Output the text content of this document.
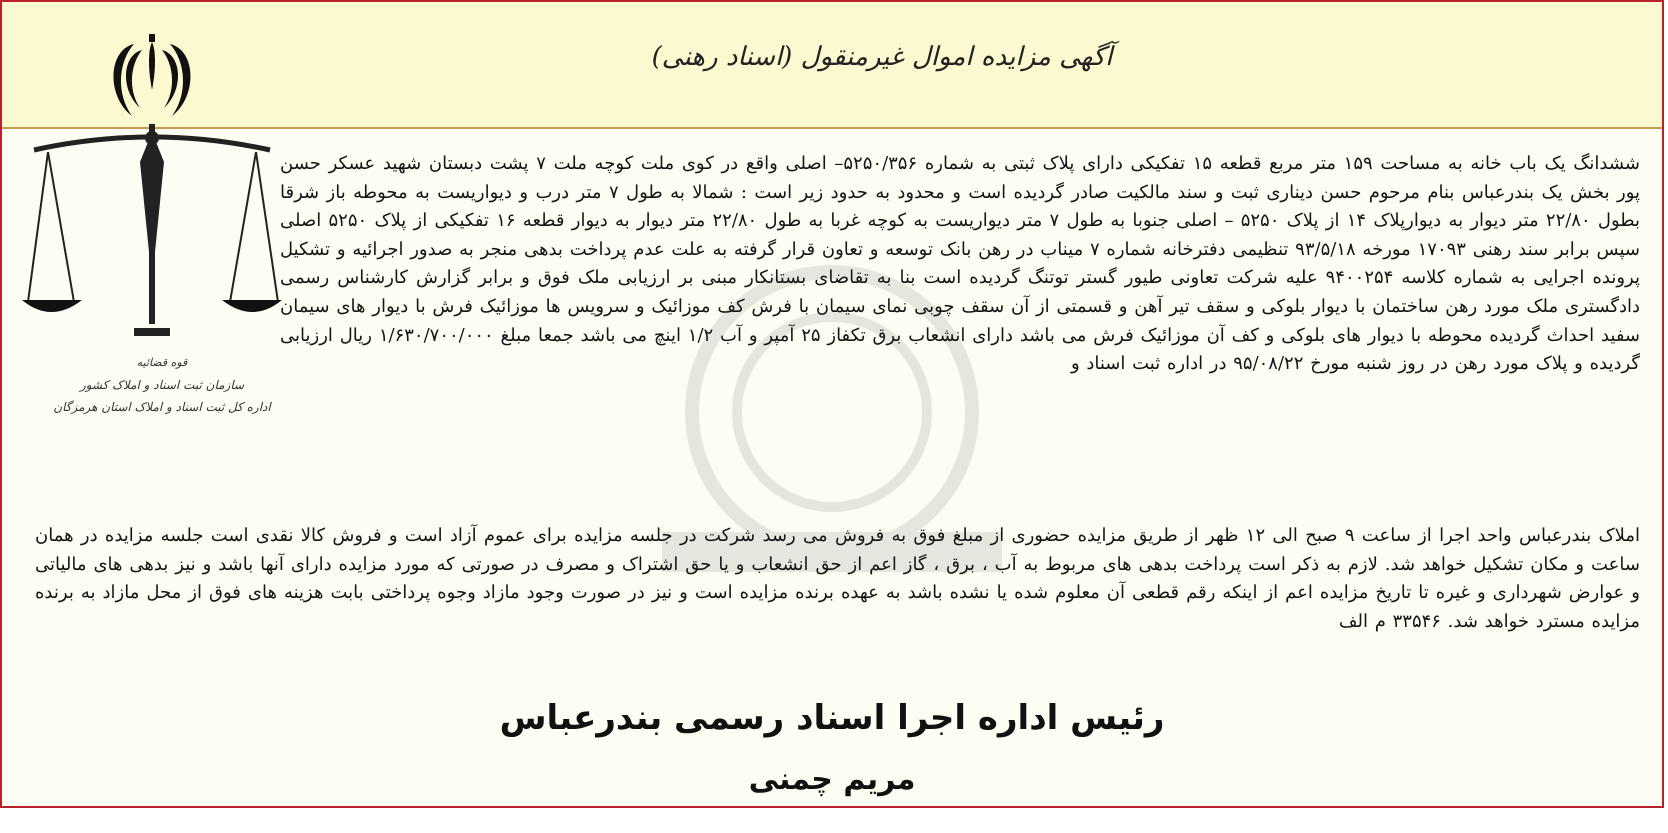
آگهی مزایده اموال غیرمنقول (اسناد رهنی)
قوه قضائیه
سازمان ثبت اسناد و املاک کشور
اداره کل ثبت اسناد و املاک استان هرمزگان

ششدانگ یک باب خانه به مساحت ۱۵۹ متر مربع قطعه ۱۵ تفکیکی دارای پلاک ثبتی به شماره ۵۲۵۰/۳۵۶– اصلی واقع در کوی ملت کوچه ملت ۷ پشت دبستان شهید عسکر حسن پور بخش یک بندرعباس بنام مرحوم حسن دیناری ثبت و سند مالکیت صادر گردیده است و محدود به حدود زیر است : شمالا به طول ۷ متر درب و دیواریست به محوطه باز شرقا بطول ۲۲/۸۰ متر دیوار به دیوارپلاک ۱۴ از پلاک ۵۲۵۰ – اصلی جنوبا به طول ۷ متر دیواریست به کوچه غربا به طول ۲۲/۸۰ متر دیوار به دیوار قطعه ۱۶ تفکیکی از پلاک ۵۲۵۰ اصلی سپس برابر سند رهنی ۱۷۰۹۳ مورخه ۹۳/۵/۱۸ تنظیمی دفترخانه شماره ۷ میناب در رهن بانک توسعه و تعاون قرار گرفته به علت عدم پرداخت بدهی منجر به صدور اجرائیه و تشکیل پرونده اجرایی به شماره کلاسه ۹۴۰۰۲۵۴ علیه شرکت تعاونی طیور گستر توتنگ گردیده است بنا به تقاضای بستانکار مبنی بر ارزیابی ملک فوق و برابر گزارش کارشناس رسمی دادگستری ملک مورد رهن ساختمان با دیوار بلوکی و سقف تیر آهن و قسمتی از آن سقف چوبی نمای سیمان با فرش کف موزائیک و سرویس ها موزائیک فرش با دیوار های سیمان سفید احداث گردیده محوطه با دیوار های بلوکی و کف آن موزائیک فرش می باشد دارای انشعاب برق تکفاز ۲۵ آمپر و آب ۱/۲ اینچ می باشد جمعا مبلغ ۱/۶۳۰/۷۰۰/۰۰۰ ریال ارزیابی گردیده و پلاک مورد رهن در روز شنبه مورخ ۹۵/۰۸/۲۲ در اداره ثبت اسناد و

املاک بندرعباس واحد اجرا از ساعت ۹ صبح الی ۱۲ ظهر از طریق مزایده حضوری از مبلغ فوق به فروش می رسد شرکت در جلسه مزایده برای عموم آزاد است و فروش کالا نقدی است جلسه مزایده در همان ساعت و مکان تشکیل خواهد شد. لازم به ذکر است پرداخت بدهی های مربوط به آب ، برق ، گاز اعم از حق انشعاب و یا حق اشتراک و مصرف در صورتی که مورد مزایده دارای آنها باشد و نیز بدهی های مالیاتی و عوارض شهرداری و غیره تا تاریخ مزایده اعم از اینکه رقم قطعی آن معلوم شده یا نشده باشد به عهده برنده مزایده است و نیز در صورت وجود مازاد وجوه پرداختی بابت هزینه های فوق از محل مازاد به برنده مزایده مسترد خواهد شد. ۳۳۵۴۶ م الف

رئیس اداره اجرا اسناد رسمی بندرعباس
مریم چمنی
